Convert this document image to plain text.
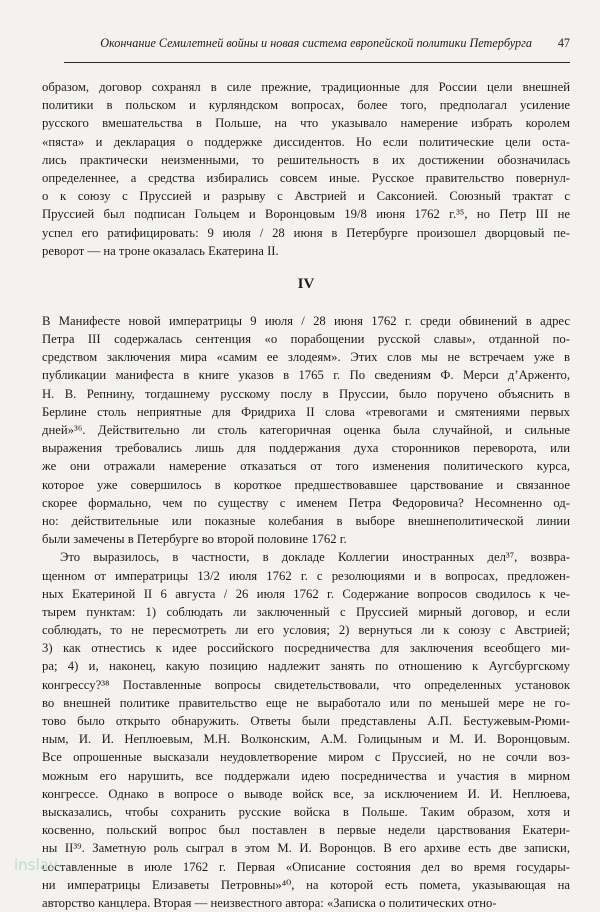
Окончание Семилетней войны и новая система европейской политики Петербурга 47
образом, договор сохранял в силе прежние, традиционные для России цели внешней
политики в польском и курляндском вопросах, более того, предполагал усиление
русского вмешательства в Польше, на что указывало намерение избрать королем
«пяста» и декларация о поддержке диссидентов. Но если политические цели оста-
лись практически неизменными, то решительность в их достижении обозначилась
определеннее, а средства избирались совсем иные. Русское правительство повернул-
о к союзу с Пруссией и разрыву с Австрией и Саксонией. Союзный трактат с
Пруссией был подписан Гольцем и Воронцовым 19/8 июня 1762 г.³⁵, но Петр III не
успел его ратифицировать: 9 июля / 28 июня в Петербурге произошел дворцовый пе-
реворот — на троне оказалась Екатерина II.
IV
В Манифесте новой императрицы 9 июля / 28 июня 1762 г. среди обвинений в адрес
Петра III содержалась сентенция «о порабощении русской славы», отданной по-
средством заключения мира «самим ее злодеям». Этих слов мы не встречаем уже в
публикации манифеста в книге указов в 1765 г. По сведениям Ф. Мерси д’Арженто,
Н. В. Репнину, тогдашнему русскому послу в Пруссии, было поручено объяснить в
Берлине столь неприятные для Фридриха II слова «тревогами и смятениями первых
дней»³⁶. Действительно ли столь категоричная оценка была случайной, и сильные
выражения требовались лишь для поддержания духа сторонников переворота, или
же они отражали намерение отказаться от того изменения политического курса,
которое уже совершилось в короткое предшествовавшее царствование и связанное
скорее формально, чем по существу с именем Петра Федоровича? Несомненно од-
но: действительные или показные колебания в выборе внешнеполитической линии
были замечены в Петербурге во второй половине 1762 г.
Это выразилось, в частности, в докладе Коллегии иностранных дел³⁷, возвра-
щенном от императрицы 13/2 июля 1762 г. с резолюциями и в вопросах, предложен-
ных Екатериной II 6 августа / 26 июля 1762 г. Содержание вопросов сводилось к че-
тырем пунктам: 1) соблюдать ли заключенный с Пруссией мирный договор, и если
соблюдать, то не пересмотреть ли его условия; 2) вернуться ли к союзу с Австрией;
3) как отнестись к идее российского посредничества для заключения всеобщего ми-
ра; 4) и, наконец, какую позицию надлежит занять по отношению к Аугсбургскому
конгрессу?³⁸ Поставленные вопросы свидетельствовали, что определенных установок
во внешней политике правительство еще не выработало или по меньшей мере не го-
тово было открыто обнаружить. Ответы были представлены А.П. Бестужевым-Рюми-
ным, И. И. Неплюевым, М.Н. Волконским, А.М. Голицыным и М. И. Воронцовым.
Все опрошенные высказали неудовлетворение миром с Пруссией, но не сочли воз-
можным его нарушить, все поддержали идею посредничества и участия в мирном
конгрессе. Однако в вопросе о выводе войск все, за исключением И. И. Неплюева,
высказались, чтобы сохранить русские войска в Польше. Таким образом, хотя и
косвенно, польский вопрос был поставлен в первые недели царствования Екатери-
ны II³⁹. Заметную роль сыграл в этом М. И. Воронцов. В его архиве есть две записки,
составленные в июле 1762 г. Первая «Описание состояния дел во время государы-
ни императрицы Елизаветы Петровны»⁴⁰, на которой есть помета, указывающая на
авторство канцлера. Вторая — неизвестного автора: «Записка о политических отно-
inslav
